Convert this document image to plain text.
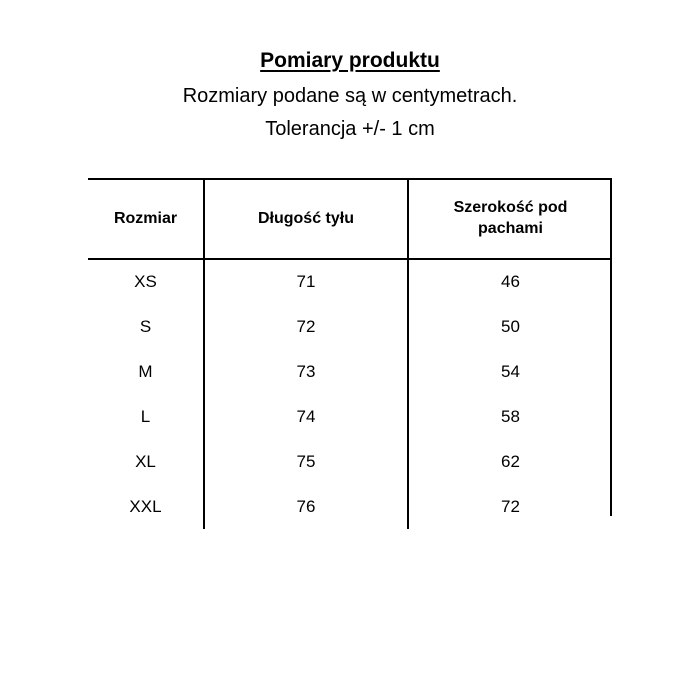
Pomiary produktu
Rozmiary podane są w centymetrach.
Tolerancja +/- 1 cm
Rozmiar	Długość tyłu	Szerokość pod pachami
XS	71	46
S	72	50
M	73	54
L	74	58
XL	75	62
XXL	76	72
